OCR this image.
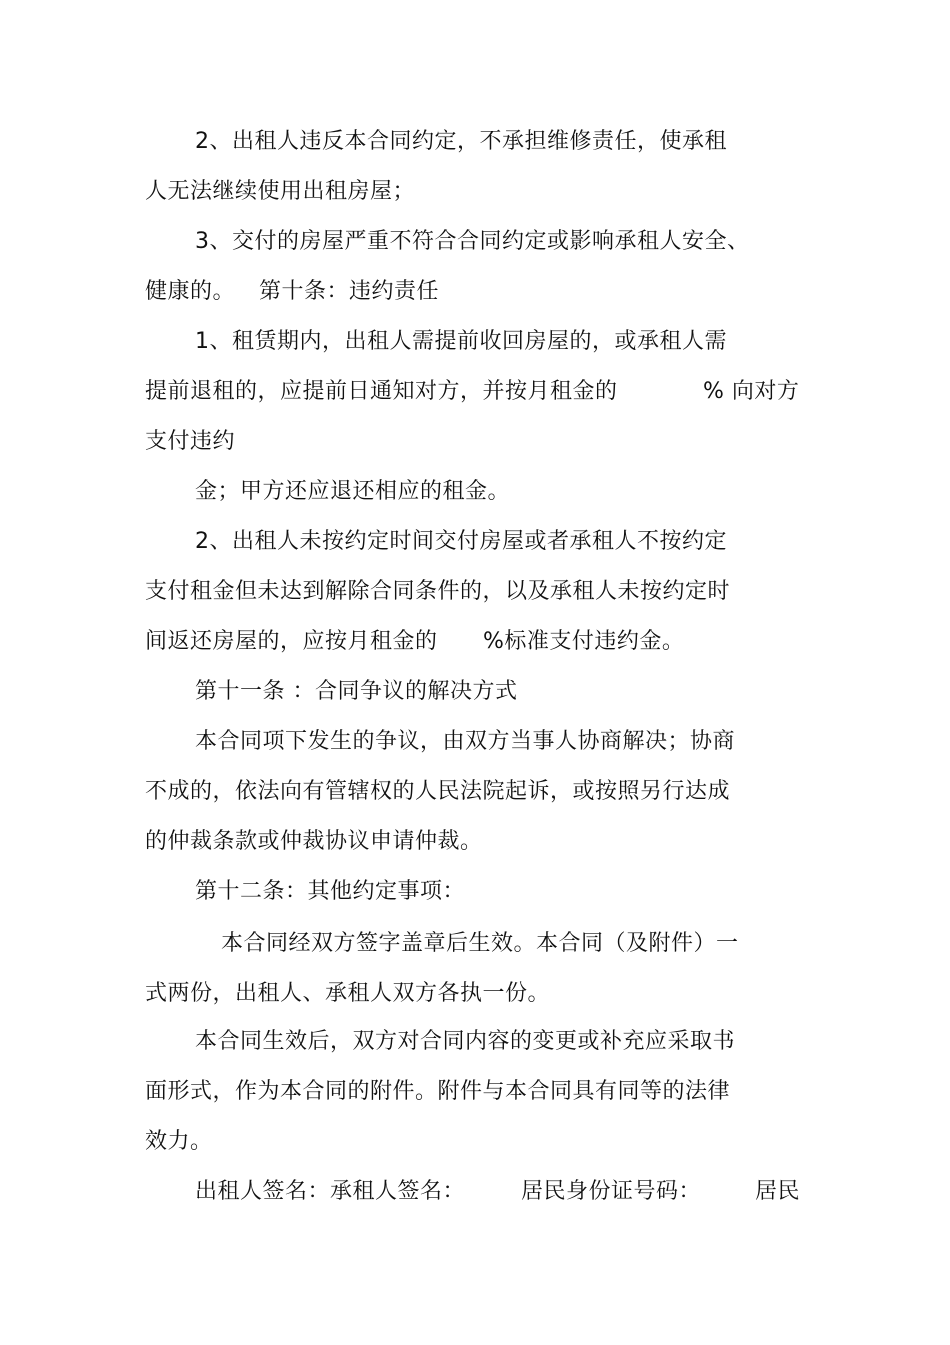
2、出租人违反本合同约定，不承担维修责任，使承租
人无法继续使用出租房屋；
3、交付的房屋严重不符合合同约定或影响承租人安全、
健康的。 第十条：违约责任
1、租赁期内，出租人需提前收回房屋的，或承租人需
提前退租的，应提前日通知对方，并按月租金的	% 向对方
支付违约
金；甲方还应退还相应的租金。
2、出租人未按约定时间交付房屋或者承租人不按约定
支付租金但未达到解除合同条件的，以及承租人未按约定时
间返还房屋的，应按月租金的 %标准支付违约金。
第十一条 ：合同争议的解决方式
本合同项下发生的争议，由双方当事人协商解决；协商
不成的，依法向有管辖权的人民法院起诉，或按照另行达成
的仲裁条款或仲裁协议申请仲裁。
第十二条：其他约定事项：
本合同经双方签字盖章后生效。本合同（及附件）一
式两份，出租人、承租人双方各执一份。
本合同生效后，双方对合同内容的变更或补充应采取书
面形式，作为本合同的附件。附件与本合同具有同等的法律
效力。
出租人签名：承租人签名：	居民身份证号码： 居民
